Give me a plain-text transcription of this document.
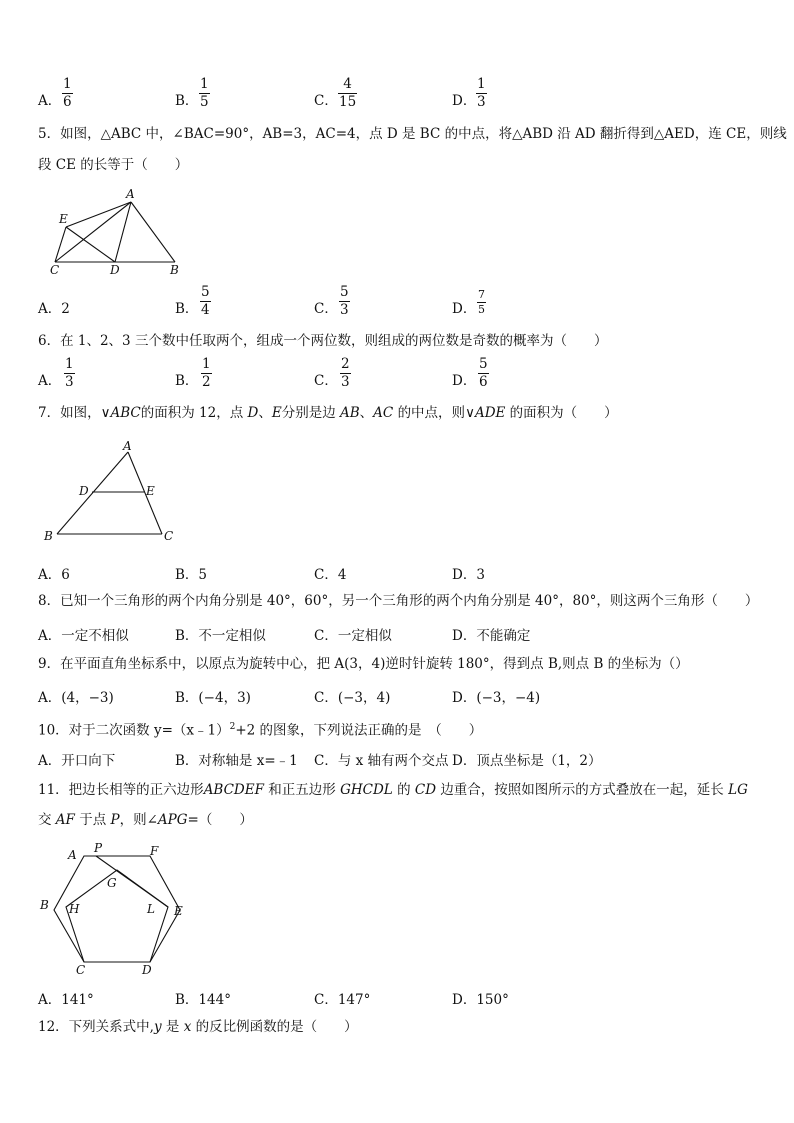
A．
1
6	B．
1
5	C．
4
15	D．
1
3
5．如图，△ABC 中，∠BAC=90°，AB=3，AC=4，点 D 是 BC 的中点，将△ABD 沿 AD 翻折得到△AED，连 CE，则线
段 CE 的长等于（　　）
A
E
C	D	B
A．2	B．
5
4	C．
5
3	D．
7
5
6．在 1、2、3 三个数中任取两个，组成一个两位数，则组成的两位数是奇数的概率为（　　）
A．
1
3	B．
1
2	C．
2
3	D．
5
6
7．如图，∨ABC的面积为 12，点 D、E分别是边 AB、AC 的中点，则∨ADE 的面积为（　　）
A
D	E
B	C
A．6	B．5	C．4	D．3
8．已知一个三角形的两个内角分别是 40°，60°，另一个三角形的两个内角分别是 40°，80°，则这两个三角形（　　）
A．一定不相似	B．不一定相似	C．一定相似	D．不能确定
9．在平面直角坐标系中，以原点为旋转中心，把 A(3，4)逆时针旋转 180°，得到点 B,则点 B 的坐标为（）
A．(4，−3)	B．(−4，3)	C．(−3，4)	D．(−3，−4)
10．对于二次函数 y=（x﹣1）$^2$+2 的图象，下列说法正确的是　（　　）
A．开口向下	B．对称轴是 x=﹣1 C．与 x 轴有两个交点 D．顶点坐标是（1，2）
11．把边长相等的正六边形ABCDEF 和正五边形 GHCDL 的 CD 边重合，按照如图所示的方式叠放在一起，延长 LG
交 AF 于点 P，则∠APG=（　　）
A P	F
G
B H	L E
C	D
A．141°	B．144°	C．147°	D．150°
12．下列关系式中,y 是 x 的反比例函数的是（　　）
